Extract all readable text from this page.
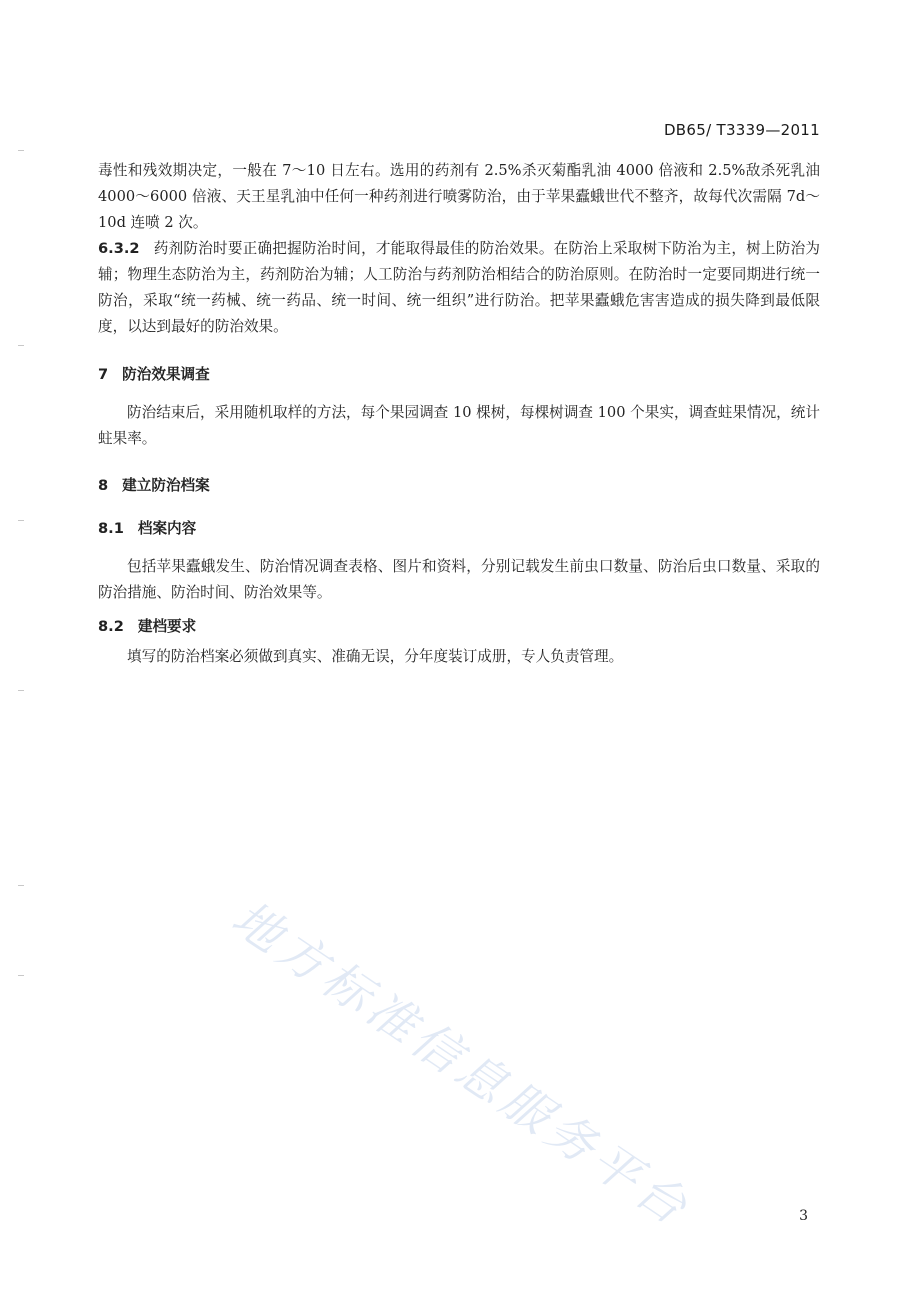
DB65/ T3339—2011

毒性和残效期决定，一般在 7～10 日左右。选用的药剂有 2.5%杀灭菊酯乳油 4000 倍液和 2.5%敌杀死乳油 4000～6000 倍液、天王星乳油中任何一种药剂进行喷雾防治，由于苹果蠹蛾世代不整齐，故每代次需隔 7d～10d 连喷 2 次。

6.3.2 药剂防治时要正确把握防治时间，才能取得最佳的防治效果。在防治上采取树下防治为主，树上防治为辅；物理生态防治为主，药剂防治为辅；人工防治与药剂防治相结合的防治原则。在防治时一定要同期进行统一防治，采取“统一药械、统一药品、统一时间、统一组织”进行防治。把苹果蠹蛾危害害造成的损失降到最低限度，以达到最好的防治效果。

7 防治效果调查

防治结束后，采用随机取样的方法，每个果园调查 10 棵树，每棵树调查 100 个果实，调查蛀果情况，统计蛀果率。

8 建立防治档案
8.1 档案内容

包括苹果蠹蛾发生、防治情况调查表格、图片和资料，分别记载发生前虫口数量、防治后虫口数量、采取的防治措施、防治时间、防治效果等。

8.2 建档要求

填写的防治档案必须做到真实、准确无误，分年度装订成册，专人负责管理。

地方标准信息服务平台	3
